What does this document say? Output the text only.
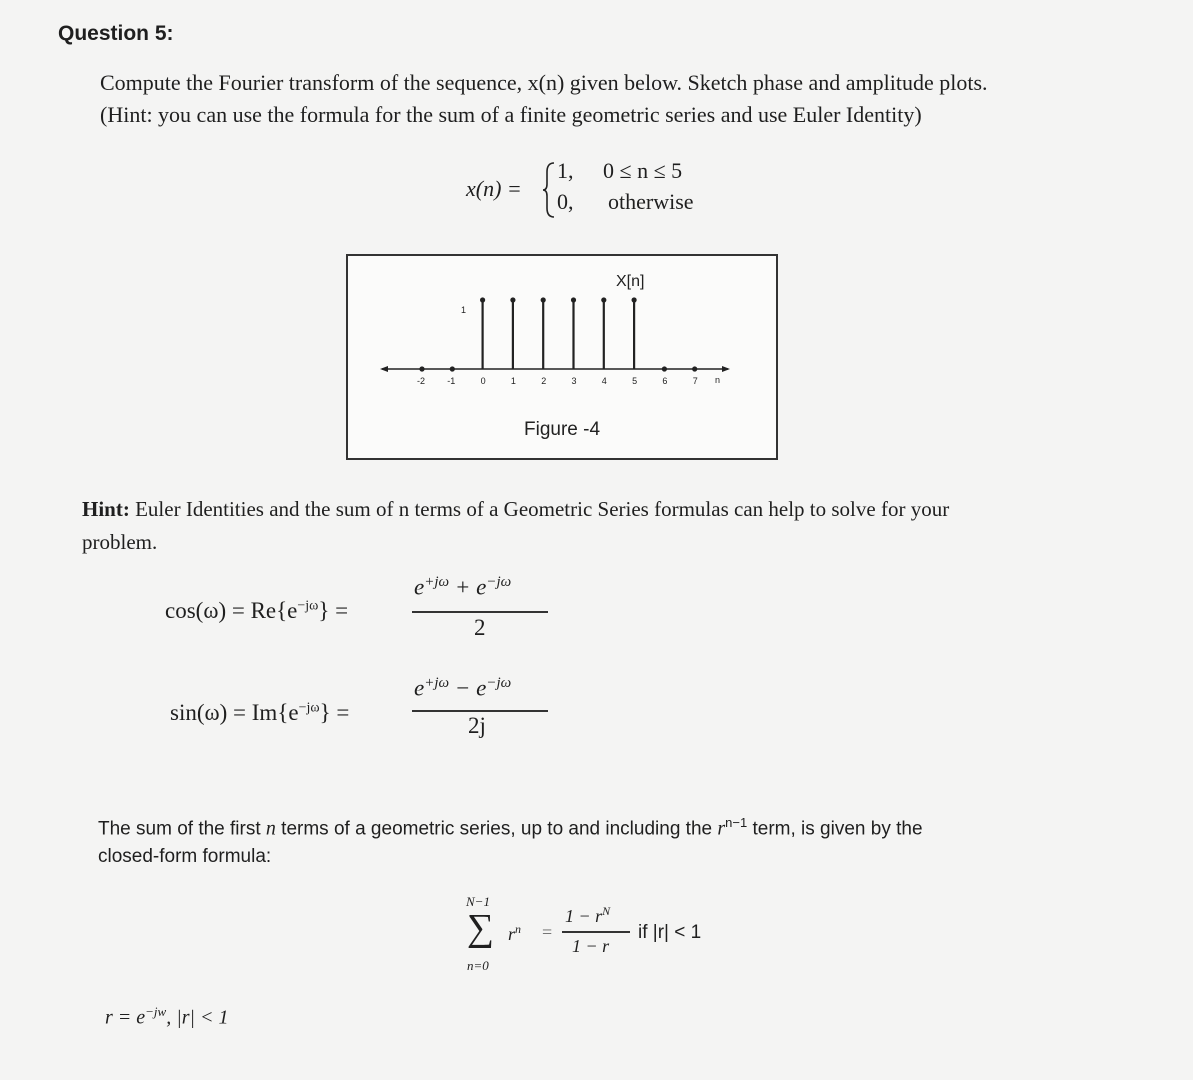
Question 5:
Compute the Fourier transform of the sequence, x(n) given below. Sketch phase and amplitude plots.
(Hint: you can use the formula for the sum of a finite geometric series and use Euler Identity)
x(n) =
1, 0 ≤ n ≤ 5
0, otherwise
-2 -1	0	1	2	3	4	5	6	7
1
n
X[n]
Figure -4
Hint: Euler Identities and the sum of n terms of a Geometric Series formulas can help to solve for your
problem.
$\cos(\omega) = Re\{e^{-j\omega}\}$ =
$e^{+j\omega} + e^{-j\omega}$
2
$\sin(\omega) = Im\{e^{-j\omega}\}$ =
$e^{+j\omega} - e^{-j\omega}$
2j
The sum of the first n terms of a geometric series, up to and including the $r^{n-1}$ term, is given by the
closed-form formula:
N−1
∑
n=0
$r^n$ =
$1 - r^N$
1 − r
if |r| < 1
$r = e^{-jw}$, |r| < 1
